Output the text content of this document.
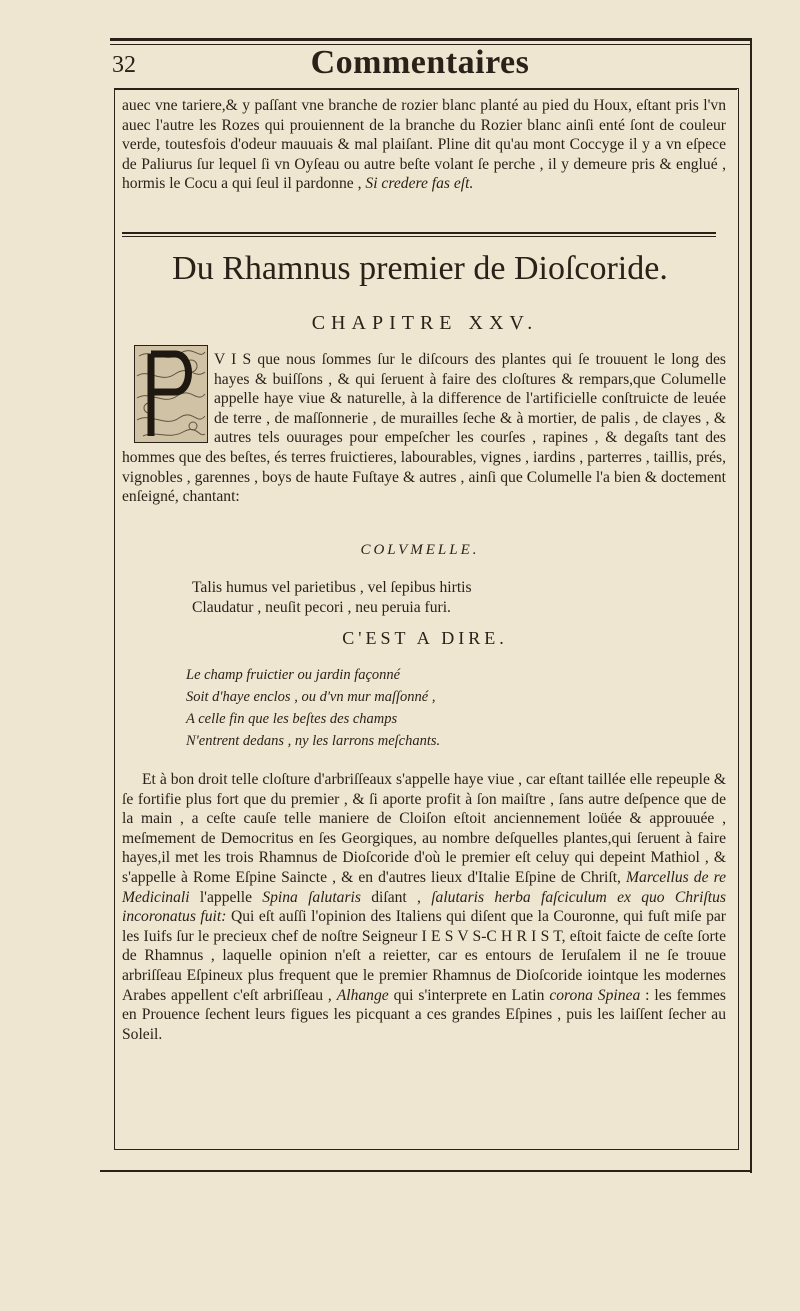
32	Commentaires
auec vne tariere,& y paſſant vne branche de rozier blanc planté au pied du Houx, eſtant pris l'vn auec l'autre les Rozes qui prouiennent de la branche du Rozier blanc ainſi enté ſont de couleur verde, toutesfois d'odeur mauuais & mal plaiſant. Pline dit qu'au mont Coccyge il y a vn eſpece de Paliurus ſur lequel ſi vn Oyſeau ou autre beſte volant ſe perche , il y demeure pris & englué , hormis le Cocu a qui ſeul il pardonne , Si credere fas eſt.
Du Rhamnus premier de Dioſcoride.
CHAPITRE XXV.
V I S que nous ſommes ſur le diſcours des plantes qui ſe trouuent le long des hayes & buiſſons , & qui ſeruent à faire des cloſtures & rempars,que Columelle appelle haye viue & naturelle, à la difference de l'artificielle conſtruicte de leuée de terre , de maſſonnerie , de murailles ſeche & à mortier, de palis , de clayes , & autres tels ouurages pour empeſcher les courſes , rapines , & degaſts tant des hommes que des beſtes, és terres fruictieres, labourables, vignes , iardins , parterres , taillis, prés, vignobles , garennes , boys de haute Fuſtaye & autres , ainſi que Columelle l'a bien & doctement enſeigné, chantant:
COLVMELLE.
Talis humus vel parietibus , vel ſepibus hirtis
Claudatur , neuſit pecori , neu peruia furi.
C'EST A DIRE.
Le champ fruictier ou jardin façonné
Soit d'haye enclos , ou d'vn mur maſſonné ,
A celle fin que les beſtes des champs
N'entrent dedans , ny les larrons meſchants.
Et à bon droit telle cloſture d'arbriſſeaux s'appelle haye viue , car eſtant taillée elle repeuple & ſe fortifie plus fort que du premier , & ſi aporte profit à ſon maiſtre , ſans autre deſpence que de la main , a ceſte cauſe telle maniere de Cloiſon eſtoit anciennement loüée & approuuée , meſmement de Democritus en ſes Georgiques, au nombre deſquelles plantes,qui ſeruent à faire hayes,il met les trois Rhamnus de Dioſcoride d'où le premier eſt celuy qui depeint Mathiol , & s'appelle à Rome Eſpine Saincte , & en d'autres lieux d'Italie Eſpine de Chriſt, Marcellus de re Medicinali l'appelle Spina ſalutaris diſant , ſalutaris herba faſciculum ex quo Chriſtus incoronatus fuit: Qui eſt auſſi l'opinion des Italiens qui diſent que la Couronne, qui fuſt miſe par les Iuifs ſur le precieux chef de noſtre Seigneur I E S V S-C H R I S T, eſtoit faicte de ceſte ſorte de Rhamnus , laquelle opinion n'eſt a reietter, car es entours de Ieruſalem il ne ſe trouue arbriſſeau Eſpineux plus frequent que le premier Rhamnus de Dioſcoride iointque les modernes Arabes appellent c'eſt arbriſſeau , Alhange qui s'interprete en Latin corona Spinea : les femmes en Prouence ſechent leurs figues les picquant a ces grandes Eſpines , puis les laiſſent ſecher au Soleil.
